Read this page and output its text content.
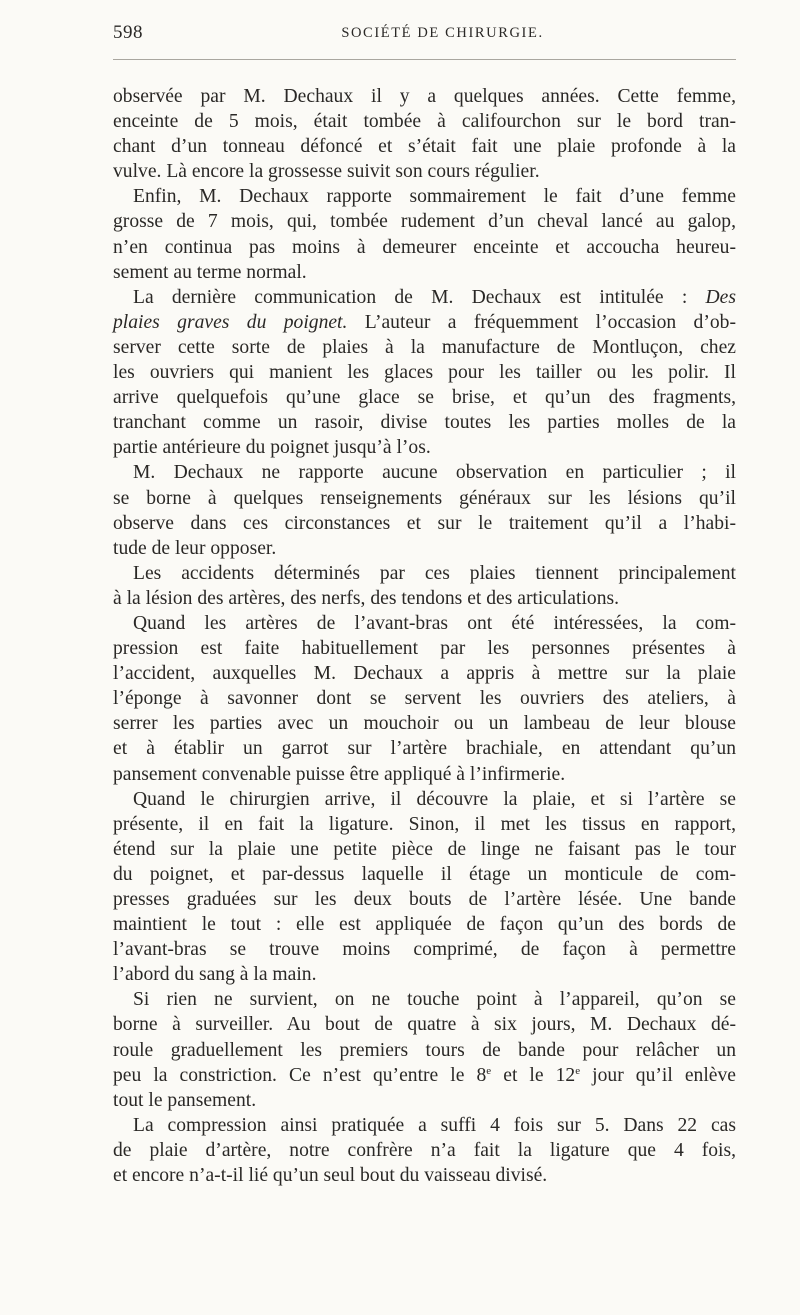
598	SOCIÉTÉ DE CHIRURGIE.
observée par M. Dechaux il y a quelques années. Cette femme,
enceinte de 5 mois, était tombée à califourchon sur le bord tran-
chant d’un tonneau défoncé et s’était fait une plaie profonde à la
vulve. Là encore la grossesse suivit son cours régulier.
Enfin, M. Dechaux rapporte sommairement le fait d’une femme
grosse de 7 mois, qui, tombée rudement d’un cheval lancé au galop,
n’en continua pas moins à demeurer enceinte et accoucha heureu-
sement au terme normal.
La dernière communication de M. Dechaux est intitulée : Des
plaies graves du poignet. L’auteur a fréquemment l’occasion d’ob-
server cette sorte de plaies à la manufacture de Montluçon, chez
les ouvriers qui manient les glaces pour les tailler ou les polir. Il
arrive quelquefois qu’une glace se brise, et qu’un des fragments,
tranchant comme un rasoir, divise toutes les parties molles de la
partie antérieure du poignet jusqu’à l’os.
M. Dechaux ne rapporte aucune observation en particulier ; il
se borne à quelques renseignements généraux sur les lésions qu’il
observe dans ces circonstances et sur le traitement qu’il a l’habi-
tude de leur opposer.
Les accidents déterminés par ces plaies tiennent principalement
à la lésion des artères, des nerfs, des tendons et des articulations.
Quand les artères de l’avant-bras ont été intéressées, la com-
pression est faite habituellement par les personnes présentes à
l’accident, auxquelles M. Dechaux a appris à mettre sur la plaie
l’éponge à savonner dont se servent les ouvriers des ateliers, à
serrer les parties avec un mouchoir ou un lambeau de leur blouse
et à établir un garrot sur l’artère brachiale, en attendant qu’un
pansement convenable puisse être appliqué à l’infirmerie.
Quand le chirurgien arrive, il découvre la plaie, et si l’artère se
présente, il en fait la ligature. Sinon, il met les tissus en rapport,
étend sur la plaie une petite pièce de linge ne faisant pas le tour
du poignet, et par-dessus laquelle il étage un monticule de com-
presses graduées sur les deux bouts de l’artère lésée. Une bande
maintient le tout : elle est appliquée de façon qu’un des bords de
l’avant-bras se trouve moins comprimé, de façon à permettre
l’abord du sang à la main.
Si rien ne survient, on ne touche point à l’appareil, qu’on se
borne à surveiller. Au bout de quatre à six jours, M. Dechaux dé-
roule graduellement les premiers tours de bande pour relâcher un
peu la constriction. Ce n’est qu’entre le 8e et le 12e jour qu’il enlève
tout le pansement.
La compression ainsi pratiquée a suffi 4 fois sur 5. Dans 22 cas
de plaie d’artère, notre confrère n’a fait la ligature que 4 fois,
et encore n’a-t-il lié qu’un seul bout du vaisseau divisé.
